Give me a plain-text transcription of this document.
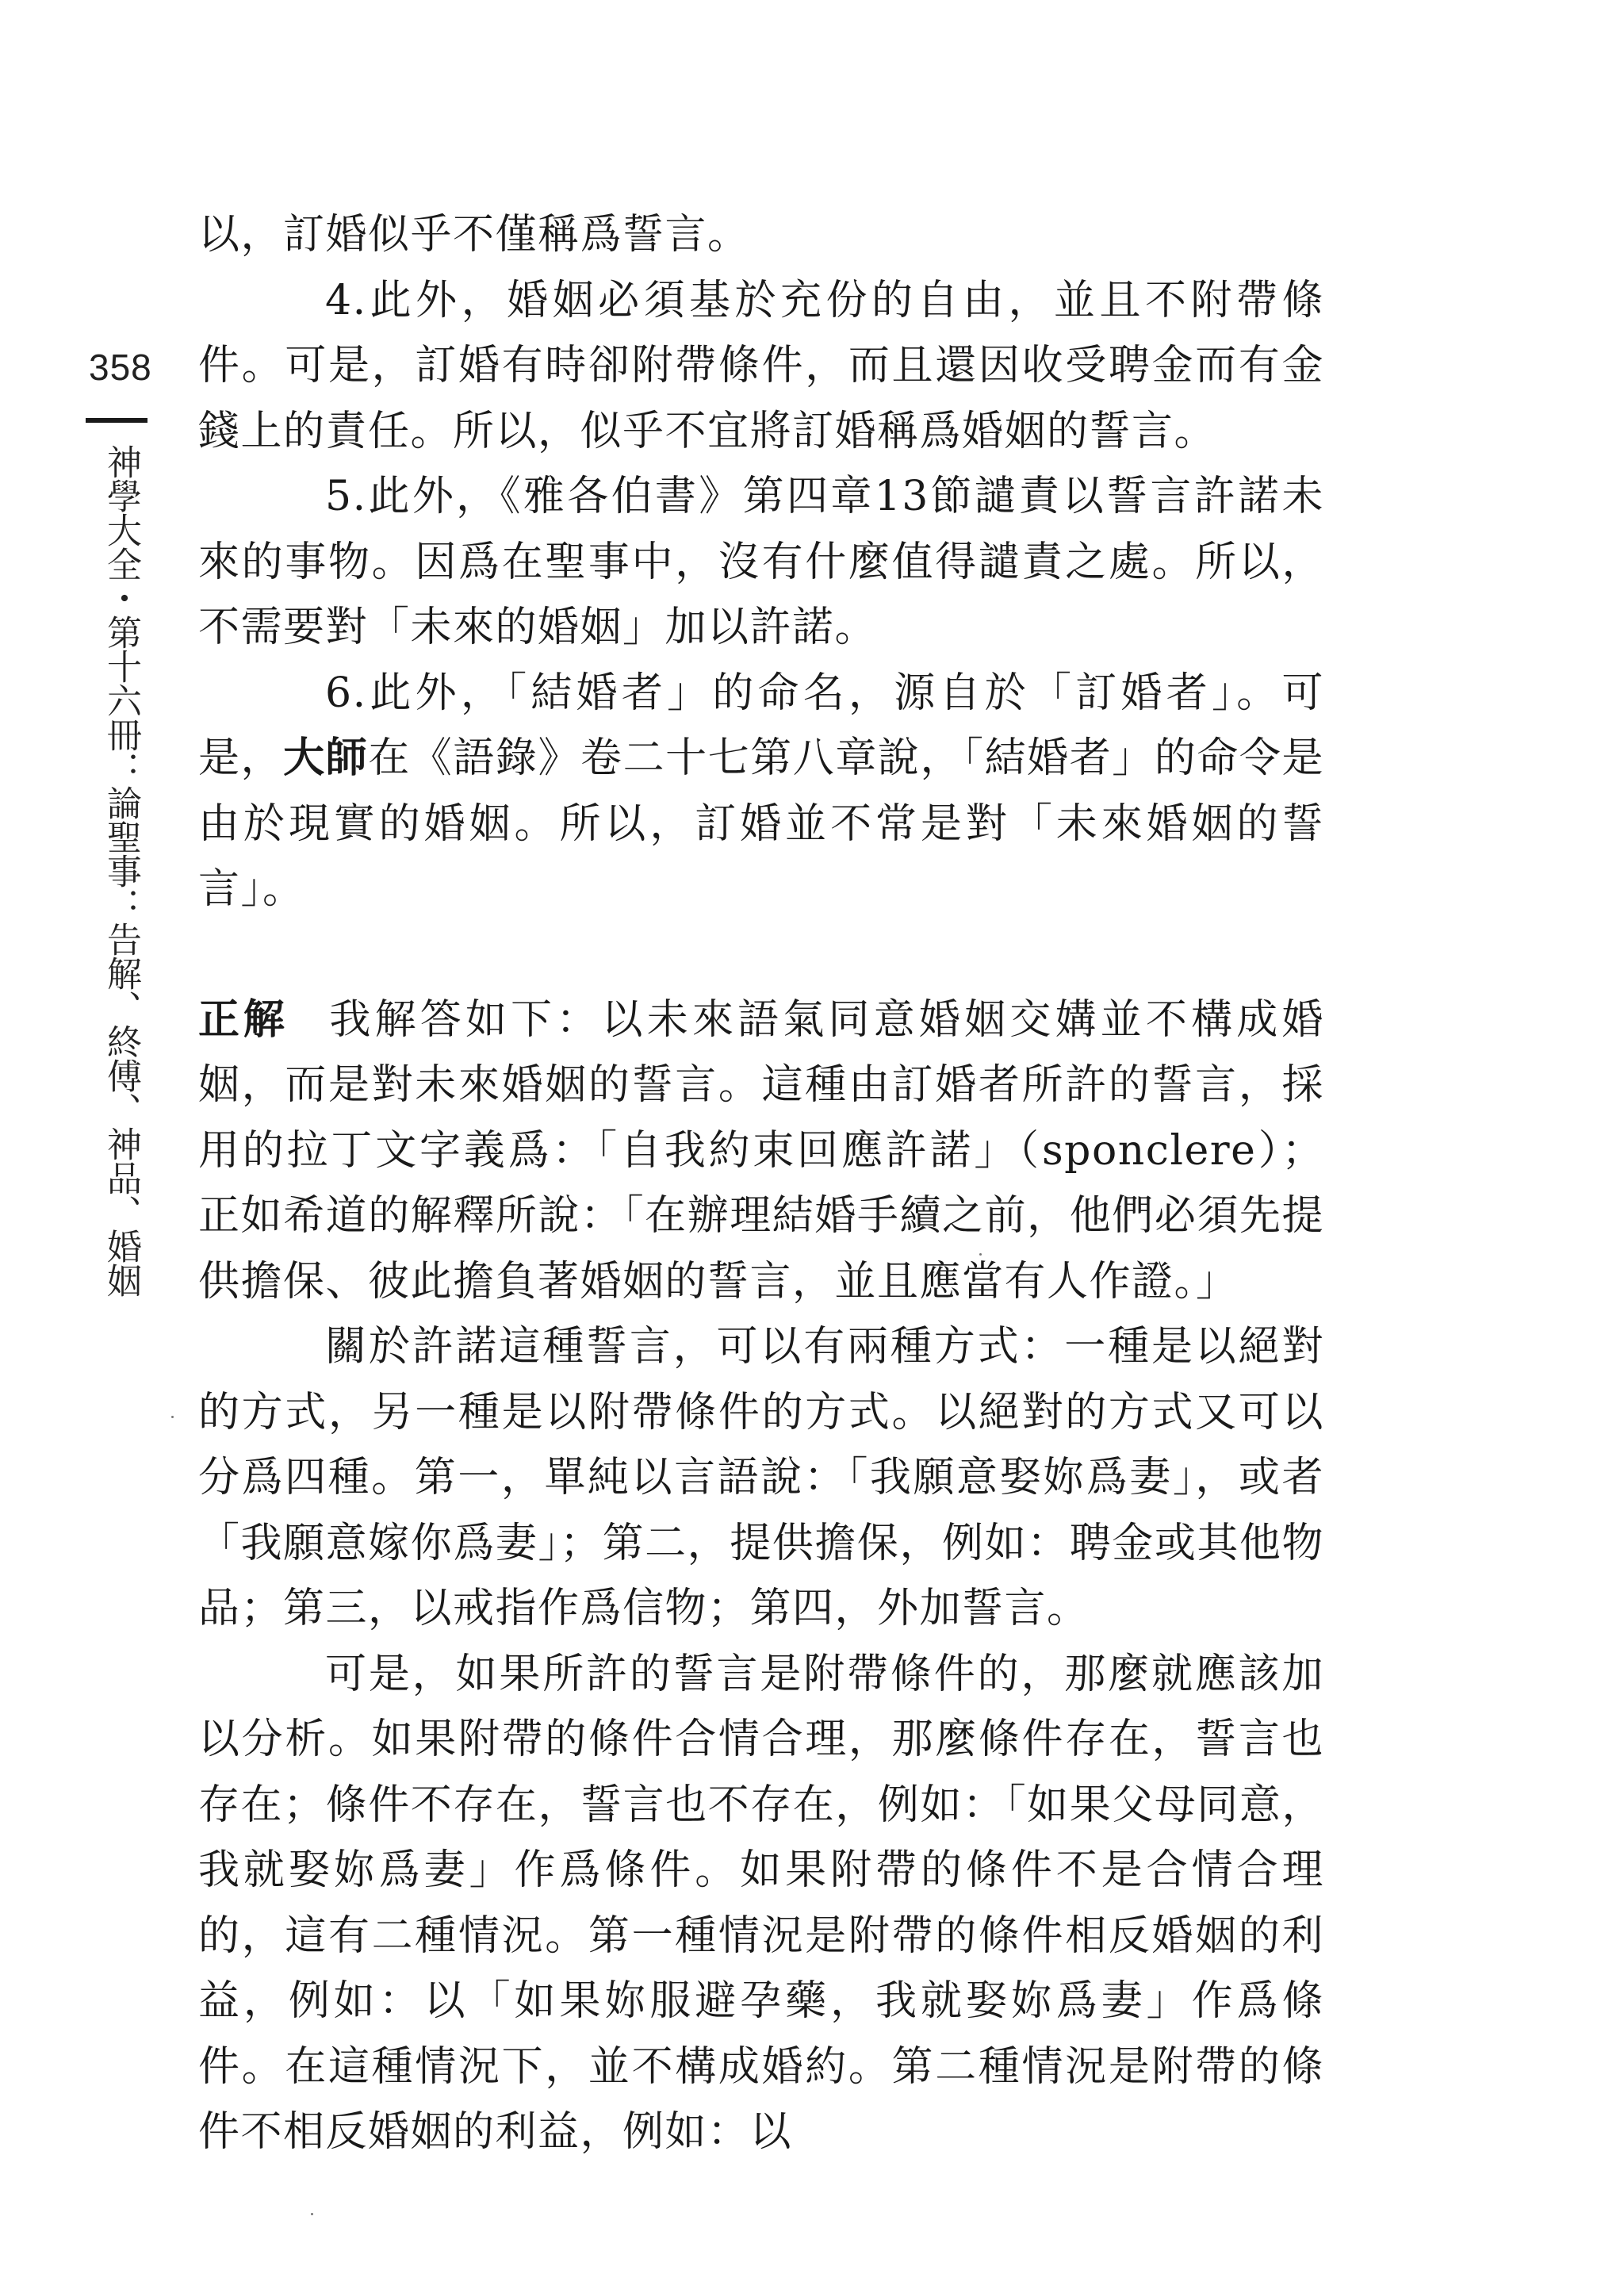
358
神學大全・第十六冊：論聖事：告解、終傅、神品、婚姻

以，訂婚似乎不僅稱爲誓言。

4.此外，婚姻必須基於充份的自由，並且不附帶條件。可是，訂婚有時卻附帶條件，而且還因收受聘金而有金錢上的責任。所以，似乎不宜將訂婚稱爲婚姻的誓言。

5.此外，《雅各伯書》第四章13節譴責以誓言許諾未來的事物。因爲在聖事中，沒有什麼值得譴責之處。所以，不需要對「未來的婚姻」加以許諾。

6.此外，「結婚者」的命名，源自於「訂婚者」。可是，大師在《語錄》卷二十七第八章說，「結婚者」的命令是由於現實的婚姻。所以，訂婚並不常是對「未來婚姻的誓言」。

正解 我解答如下：以未來語氣同意婚姻交媾並不構成婚姻，而是對未來婚姻的誓言。這種由訂婚者所許的誓言，採用的拉丁文字義爲：「自我約束回應許諾」（sponclere）；正如希道的解釋所說：「在辦理結婚手續之前，他們必須先提供擔保、彼此擔負著婚姻的誓言，並且應當有人作證。」

關於許諾這種誓言，可以有兩種方式：一種是以絕對的方式，另一種是以附帶條件的方式。以絕對的方式又可以分爲四種。第一，單純以言語說：「我願意娶妳爲妻」，或者「我願意嫁你爲妻」；第二，提供擔保，例如：聘金或其他物品；第三，以戒指作爲信物；第四，外加誓言。

可是，如果所許的誓言是附帶條件的，那麼就應該加以分析。如果附帶的條件合情合理，那麼條件存在，誓言也存在；條件不存在，誓言也不存在，例如：「如果父母同意，我就娶妳爲妻」作爲條件。如果附帶的條件不是合情合理的，這有二種情況。第一種情況是附帶的條件相反婚姻的利益，例如：以「如果妳服避孕藥，我就娶妳爲妻」作爲條件。在這種情況下，並不構成婚約。第二種情況是附帶的條件不相反婚姻的利益，例如：以
